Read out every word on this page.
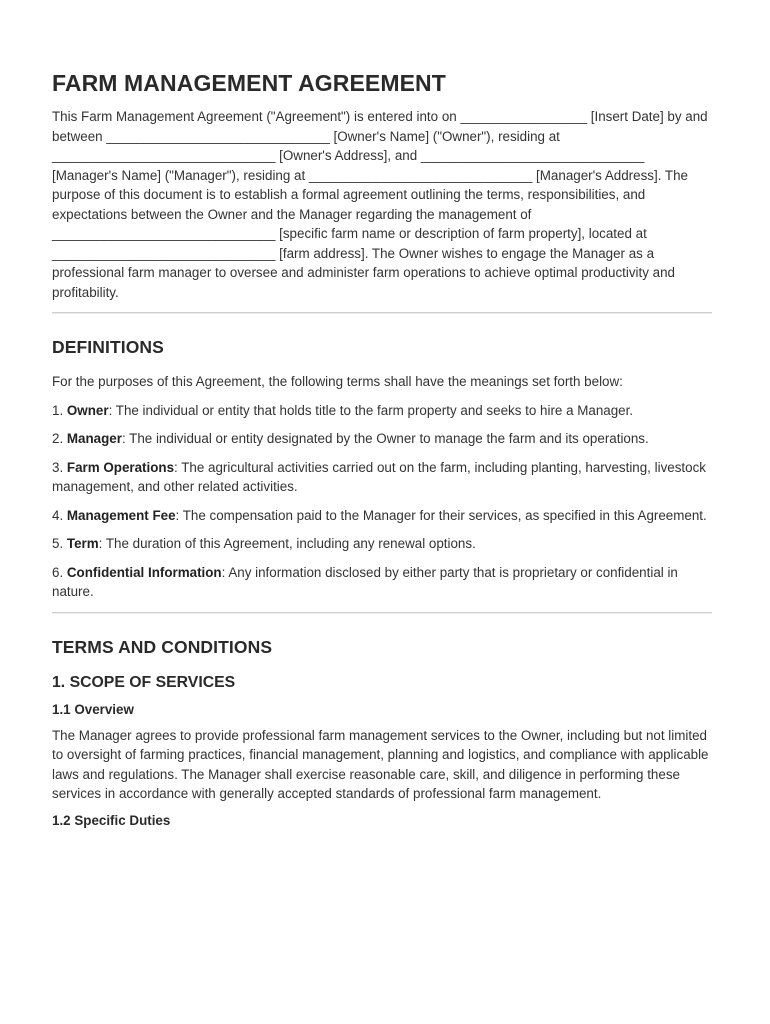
FARM MANAGEMENT AGREEMENT

This Farm Management Agreement ("Agreement") is entered into on _________________ [Insert Date] by and between ______________________________ [Owner's Name] ("Owner"), residing at ______________________________ [Owner's Address], and ______________________________ [Manager's Name] ("Manager"), residing at ______________________________ [Manager's Address]. The purpose of this document is to establish a formal agreement outlining the terms, responsibilities, and expectations between the Owner and the Manager regarding the management of ______________________________ [specific farm name or description of farm property], located at ______________________________ [farm address]. The Owner wishes to engage the Manager as a professional farm manager to oversee and administer farm operations to achieve optimal productivity and profitability.

DEFINITIONS

For the purposes of this Agreement, the following terms shall have the meanings set forth below:

1. Owner: The individual or entity that holds title to the farm property and seeks to hire a Manager.

2. Manager: The individual or entity designated by the Owner to manage the farm and its operations.

3. Farm Operations: The agricultural activities carried out on the farm, including planting, harvesting, livestock management, and other related activities.

4. Management Fee: The compensation paid to the Manager for their services, as specified in this Agreement.

5. Term: The duration of this Agreement, including any renewal options.

6. Confidential Information: Any information disclosed by either party that is proprietary or confidential in nature.

TERMS AND CONDITIONS
1. SCOPE OF SERVICES
1.1 Overview

The Manager agrees to provide professional farm management services to the Owner, including but not limited to oversight of farming practices, financial management, planning and logistics, and compliance with applicable laws and regulations. The Manager shall exercise reasonable care, skill, and diligence in performing these services in accordance with generally accepted standards of professional farm management.

1.2 Specific Duties
